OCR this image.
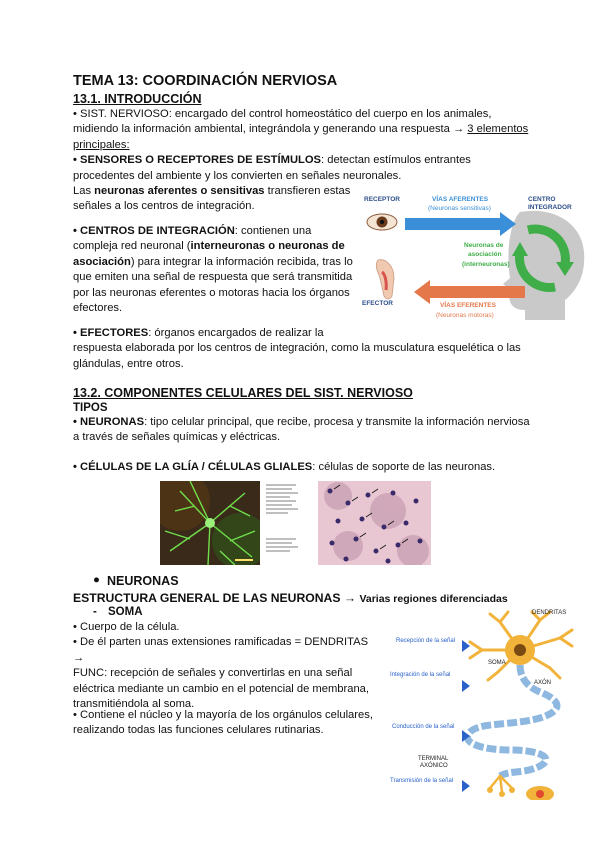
TEMA 13: COORDINACIÓN NERVIOSA
13.1. INTRODUCCIÓN
• SIST. NERVIOSO: encargado del control homeostático del cuerpo en los animales,
midiendo la información ambiental, integrándola y generando una respuesta → 3 elementos
principales:
• SENSORES O RECEPTORES DE ESTÍMULOS: detectan estímulos entrantes
procedentes del ambiente y los convierten en señales neuronales.
Las neuronas aferentes o sensitivas transfieren estas
señales a los centros de integración.
• CENTROS DE INTEGRACIÓN: contienen una
compleja red neuronal (interneuronas o neuronas de
asociación) para integrar la información recibida, tras lo
que emiten una señal de respuesta que será transmitida
por las neuronas eferentes o motoras hacia los órganos
efectores.
• EFECTORES: órganos encargados de realizar la
respuesta elaborada por los centros de integración, como la musculatura esquelética o las
glándulas, entre otros.
RECEPTOR	VÍAS AFERENTES
(Neuronas sensitivas)
CENTRO
INTEGRADOR
Neuronas de
asociación
(interneuronas)
EFECTOR	VÍAS EFERENTES
(Neuronas motoras)
13.2. COMPONENTES CELULARES DEL SIST. NERVIOSO
TIPOS
• NEURONAS: tipo celular principal, que recibe, procesa y transmite la información nerviosa
a través de señales químicas y eléctricas.
• CÉLULAS DE LA GLÍA / CÉLULAS GLIALES: células de soporte de las neuronas.
● NEURONAS
ESTRUCTURA GENERAL DE LAS NEURONAS → Varias regiones diferenciadas
- SOMA
• Cuerpo de la célula.
• De él parten unas extensiones ramificadas = DENDRITAS →
FUNC: recepción de señales y convertirlas en una señal
eléctrica mediante un cambio en el potencial de membrana,
transmitiéndola al soma.
• Contiene el núcleo y la mayoría de los orgánulos celulares,
realizando todas las funciones celulares rutinarias.
DENDRITAS
Recepción de la señal
Integración de la señal
Conducción de la señal
Transmisión de la señal
SOMA
AXÓN
TERMINAL
AXÓNICO
